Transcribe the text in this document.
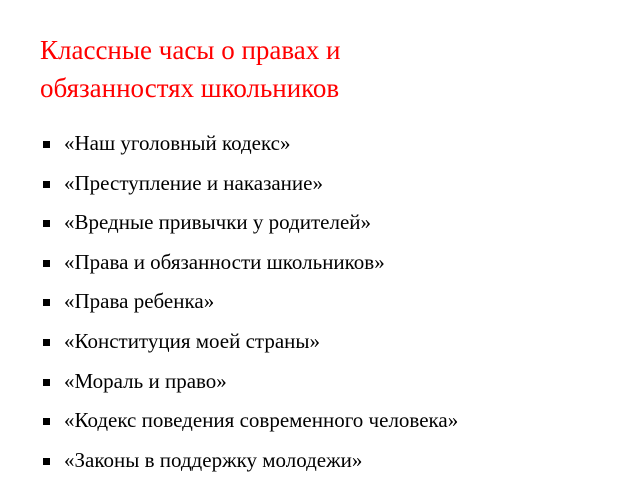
Классные часы о правах и
обязанностях школьников
«Наш уголовный кодекс»
«Преступление и наказание»
«Вредные привычки у родителей»
«Права и обязанности школьников»
«Права ребенка»
«Конституция моей страны»
«Мораль и право»
«Кодекс поведения современного человека»
«Законы в поддержку молодежи»
